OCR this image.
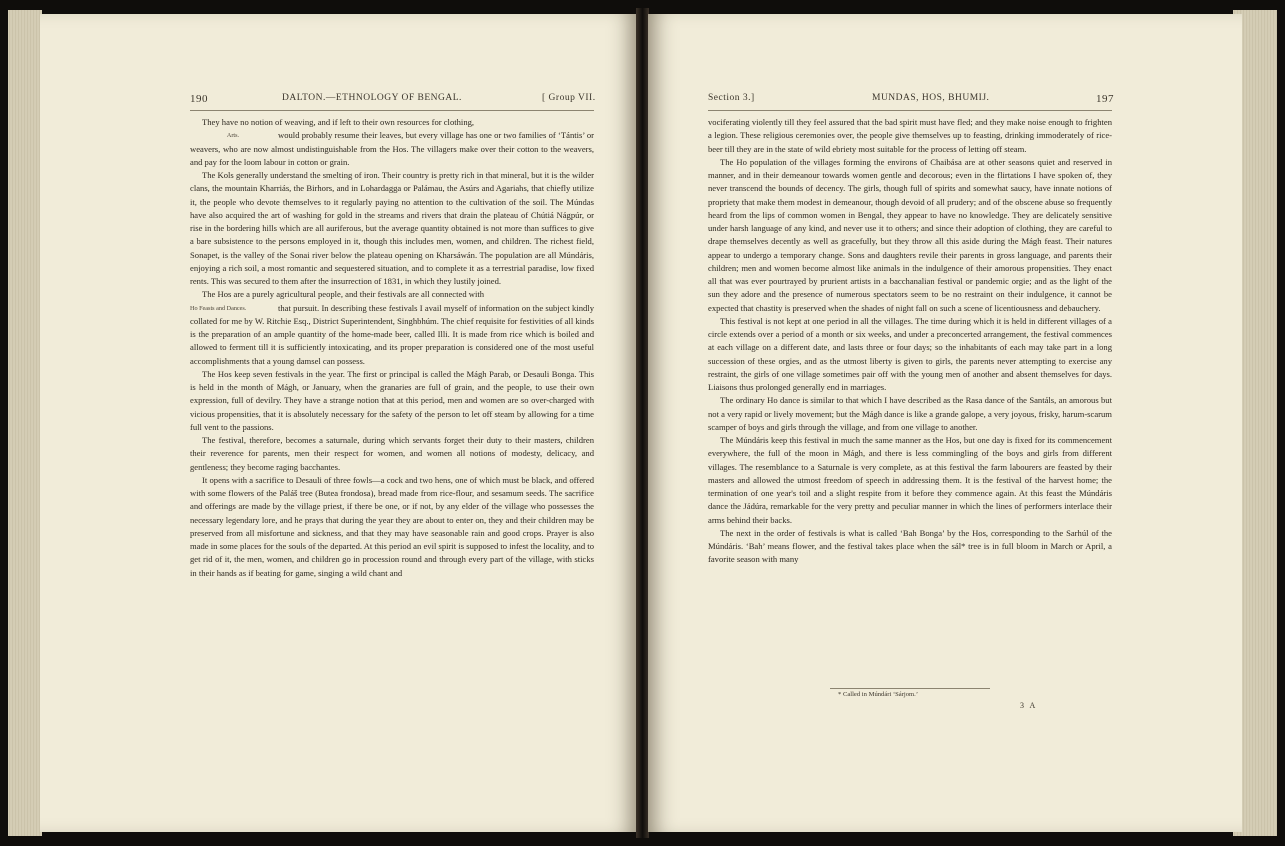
190	DALTON.—ETHNOLOGY OF BENGAL.	[ Group VII.

They have no notion of weaving, and if left to their own resources for clothing,

Arts.	would probably resume their leaves, but every village has one or two families of ‘Tántis’ or weavers, who are now almost undistinguishable from the Hos. The villagers make over their cotton to the weavers, and pay for the loom labour in cotton or grain.

The Kols generally understand the smelting of iron. Their country is pretty rich in that mineral, but it is the wilder clans, the mountain Kharriás, the Birhors, and in Lohardagga or Palámau, the Asúrs and Agariahs, that chiefly utilize it, the people who devote themselves to it regularly paying no attention to the cultivation of the soil. The Múndas have also acquired the art of washing for gold in the streams and rivers that drain the plateau of Chútiá Nágpúr, or rise in the bordering hills which are all auriferous, but the average quantity obtained is not more than suffices to give a bare subsistence to the persons employed in it, though this includes men, women, and children. The richest field, Sonapet, is the valley of the Sonai river below the plateau opening on Kharsáwán. The population are all Múndáris, enjoying a rich soil, a most romantic and sequestered situation, and to complete it as a terrestrial paradise, low fixed rents. This was secured to them after the insurrection of 1831, in which they lustily joined.

The Hos are a purely agricultural people, and their festivals are all connected with

Ho Feasts and Dances.	that pursuit. In describing these festivals I avail myself of information on the subject kindly collated for me by W. Ritchie Esq., District Superintendent, Singhbhúm. The chief requisite for festivities of all kinds is the preparation of an ample quantity of the home-made beer, called Illi. It is made from rice which is boiled and allowed to ferment till it is sufficiently intoxicating, and its proper preparation is considered one of the most useful accomplishments that a young damsel can possess.

The Hos keep seven festivals in the year. The first or principal is called the Mágh Parab, or Desauli Bonga. This is held in the month of Mágh, or January, when the granaries are full of grain, and the people, to use their own expression, full of devilry. They have a strange notion that at this period, men and women are so over-charged with vicious propensities, that it is absolutely necessary for the safety of the person to let off steam by allowing for a time full vent to the passions.

The festival, therefore, becomes a saturnale, during which servants forget their duty to their masters, children their reverence for parents, men their respect for women, and women all notions of modesty, delicacy, and gentleness; they become raging bacchantes.

It opens with a sacrifice to Desauli of three fowls—a cock and two hens, one of which must be black, and offered with some flowers of the Paláš tree (Butea frondosa), bread made from rice-flour, and sesamum seeds. The sacrifice and offerings are made by the village priest, if there be one, or if not, by any elder of the village who possesses the necessary legendary lore, and he prays that during the year they are about to enter on, they and their children may be preserved from all misfortune and sickness, and that they may have seasonable rain and good crops. Prayer is also made in some places for the souls of the departed. At this period an evil spirit is supposed to infest the locality, and to get rid of it, the men, women, and children go in procession round and through every part of the village, with sticks in their hands as if beating for game, singing a wild chant and

Section 3.]	MUNDAS, HOS, BHUMIJ.	197

vociferating violently till they feel assured that the bad spirit must have fled; and they make noise enough to frighten a legion. These religious ceremonies over, the people give themselves up to feasting, drinking immoderately of rice-beer till they are in the state of wild ebriety most suitable for the process of letting off steam.

The Ho population of the villages forming the environs of Chaibása are at other seasons quiet and reserved in manner, and in their demeanour towards women gentle and decorous; even in the flirtations I have spoken of, they never transcend the bounds of decency. The girls, though full of spirits and somewhat saucy, have innate notions of propriety that make them modest in demeanour, though devoid of all prudery; and of the obscene abuse so frequently heard from the lips of common women in Bengal, they appear to have no knowledge. They are delicately sensitive under harsh language of any kind, and never use it to others; and since their adoption of clothing, they are careful to drape themselves decently as well as gracefully, but they throw all this aside during the Mágh feast. Their natures appear to undergo a temporary change. Sons and daughters revile their parents in gross language, and parents their children; men and women become almost like animals in the indulgence of their amorous propensities. They enact all that was ever pourtrayed by prurient artists in a bacchanalian festival or pandemic orgie; and as the light of the sun they adore and the presence of numerous spectators seem to be no restraint on their indulgence, it cannot be expected that chastity is preserved when the shades of night fall on such a scene of licentiousness and debauchery.

This festival is not kept at one period in all the villages. The time during which it is held in different villages of a circle extends over a period of a month or six weeks, and under a preconcerted arrangement, the festival commences at each village on a different date, and lasts three or four days; so the inhabitants of each may take part in a long succession of these orgies, and as the utmost liberty is given to girls, the parents never attempting to exercise any restraint, the girls of one village sometimes pair off with the young men of another and absent themselves for days. Liaisons thus prolonged generally end in marriages.

The ordinary Ho dance is similar to that which I have described as the Rasa dance of the Santáls, an amorous but not a very rapid or lively movement; but the Mágh dance is like a grande galope, a very joyous, frisky, harum-scarum scamper of boys and girls through the village, and from one village to another.

The Múndáris keep this festival in much the same manner as the Hos, but one day is fixed for its commencement everywhere, the full of the moon in Mágh, and there is less commingling of the boys and girls from different villages. The resemblance to a Saturnale is very complete, as at this festival the farm labourers are feasted by their masters and allowed the utmost freedom of speech in addressing them. It is the festival of the harvest home; the termination of one year's toil and a slight respite from it before they commence again. At this feast the Múndáris dance the Jádúra, remarkable for the very pretty and peculiar manner in which the lines of performers interlace their arms behind their backs.

The next in the order of festivals is what is called ‘Bah Bonga’ by the Hos, corresponding to the Sarhúl of the Múndáris. ‘Bah’ means flower, and the festival takes place when the sál* tree is in full bloom in March or April, a favorite season with many

* Called in Múndári ‘Sárjom.’
3 A
